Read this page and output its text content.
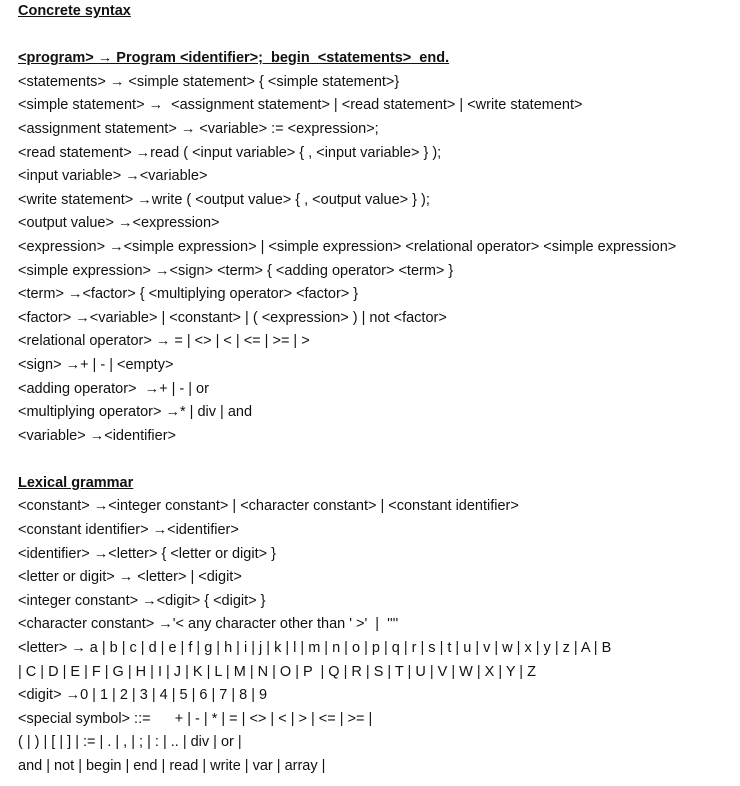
Concrete syntax
<program> → Program <identifier>;  begin  <statements>  end.
<statements> → <simple statement> { <simple statement>}
<simple statement> →  <assignment statement> | <read statement> | <write statement>
<assignment statement> → <variable> := <expression>;
<read statement> →read ( <input variable> { , <input variable> } );
<input variable> →<variable>
<write statement> →write ( <output value> { , <output value> } );
<output value> →<expression>
<expression> →<simple expression> | <simple expression> <relational operator> <simple expression>
<simple expression> →<sign> <term> { <adding operator> <term> }
<term> →<factor> { <multiplying operator> <factor> }
<factor> →<variable> | <constant> | ( <expression> ) | not <factor>
<relational operator> → = | <> | < | <= | >= | >
<sign> →+ | - | <empty>
<adding operator>  →+ | - | or
<multiplying operator> →* | div | and
<variable> →<identifier>
Lexical grammar
<constant> →<integer constant> | <character constant> | <constant identifier>
<constant identifier> →<identifier>
<identifier> →<letter> { <letter or digit> }
<letter or digit> → <letter> | <digit>
<integer constant> →<digit> { <digit> }
<character constant> →'< any character other than ' >'  |  ''''
<letter> → a | b | c | d | e | f | g | h | i | j | k | l | m | n | o | p | q | r | s | t | u | v | w | x | y | z | A | B
| C | D | E | F | G | H | I | J | K | L | M | N | O | P  | Q | R | S | T | U | V | W | X | Y | Z
<digit> →0 | 1 | 2 | 3 | 4 | 5 | 6 | 7 | 8 | 9
<special symbol> ::=      + | - | * | = | <> | < | > | <= | >= |
( | ) | [ | ] | := | . | , | ; | : | .. | div | or |
and | not | begin | end | read | write | var | array |
